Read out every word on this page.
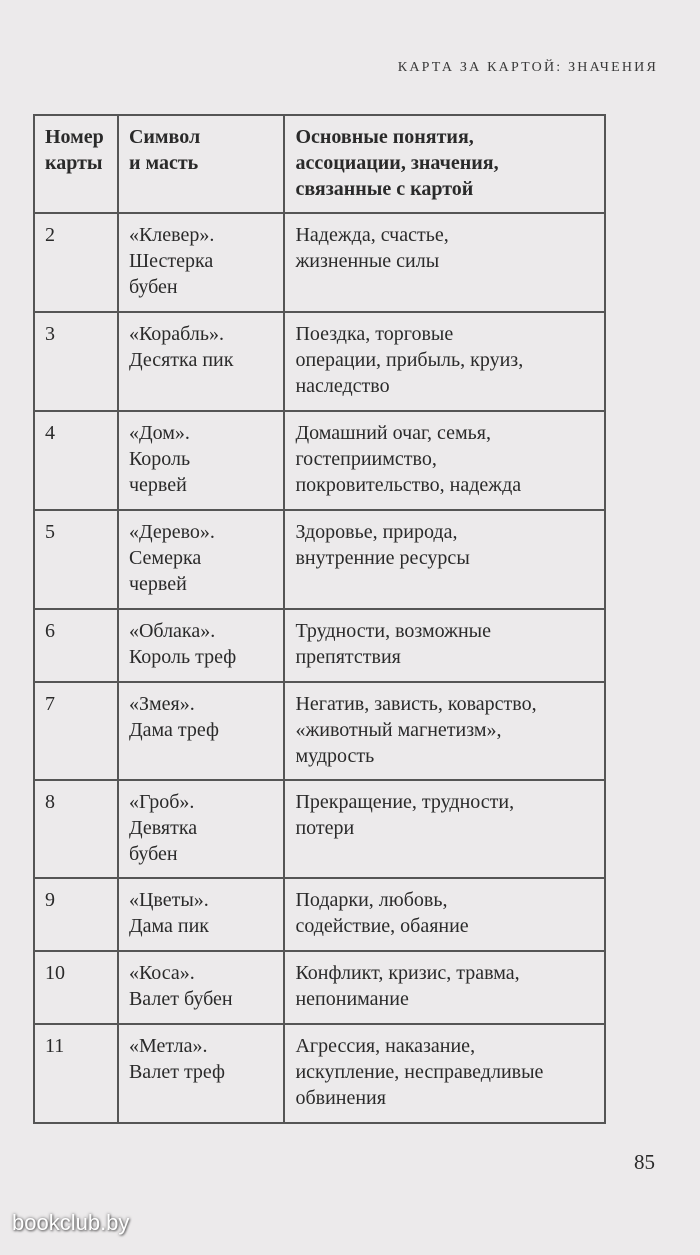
КАРТА ЗА КАРТОЙ: ЗНАЧЕНИЯ
Номер
карты	Символ
и масть	Основные понятия,
ассоциации, значения,
связанные с картой

2	«Клевер».
Шестерка
бубен	Надежда, счастье,
жизненные силы

3	«Корабль».
Десятка пик	Поездка, торговые
операции, прибыль, круиз,
наследство

4	«Дом».
Король
червей	Домашний очаг, семья,
гостеприимство,
покровительство, надежда

5	«Дерево».
Семерка
червей	Здоровье, природа,
внутренние ресурсы

6	«Облака».
Король треф	Трудности, возможные
препятствия

7	«Змея».
Дама треф	Негатив, зависть, коварство,
«животный магнетизм»,
мудрость

8	«Гроб».
Девятка
бубен	Прекращение, трудности,
потери

9	«Цветы».
Дама пик	Подарки, любовь,
содействие, обаяние

10	«Коса».
Валет бубен	Конфликт, кризис, травма,
непонимание

11	«Метла».
Валет треф	Агрессия, наказание,
искупление, несправедливые
обвинения
85
bookclub.by
